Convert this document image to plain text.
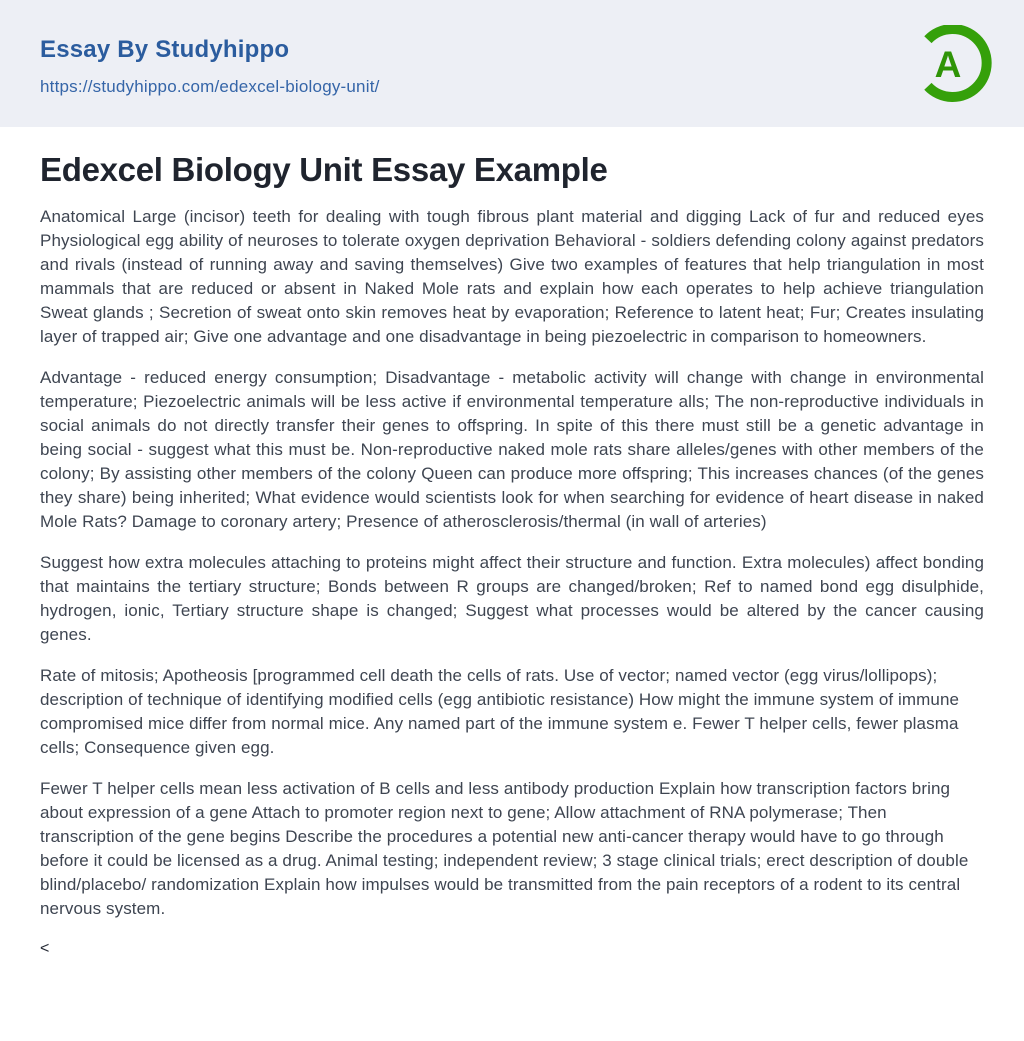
Essay By Studyhippo
https://studyhippo.com/edexcel-biology-unit/
A
Edexcel Biology Unit Essay Example

Anatomical Large (incisor) teeth for dealing with tough fibrous plant material and digging Lack of fur and reduced eyes Physiological egg ability of neuroses to tolerate oxygen deprivation Behavioral - soldiers defending colony against predators and rivals (instead of running away and saving themselves) Give two examples of features that help triangulation in most mammals that are reduced or absent in Naked Mole rats and explain how each operates to help achieve triangulation Sweat glands ; Secretion of sweat onto skin removes heat by evaporation; Reference to latent heat; Fur; Creates insulating layer of trapped air; Give one advantage and one disadvantage in being piezoelectric in comparison to homeowners.

Advantage - reduced energy consumption; Disadvantage - metabolic activity will change with change in environmental temperature; Piezoelectric animals will be less active if environmental temperature alls; The non-reproductive individuals in social animals do not directly transfer their genes to offspring. In spite of this there must still be a genetic advantage in being social - suggest what this must be. Non-reproductive naked mole rats share alleles/genes with other members of the colony; By assisting other members of the colony Queen can produce more offspring; This increases chances (of the genes they share) being inherited; What evidence would scientists look for when searching for evidence of heart disease in naked Mole Rats? Damage to coronary artery; Presence of atherosclerosis/thermal (in wall of arteries)

Suggest how extra molecules attaching to proteins might affect their structure and function. Extra molecules) affect bonding that maintains the tertiary structure; Bonds between R groups are changed/broken; Ref to named bond egg disulphide, hydrogen, ionic, Tertiary structure shape is changed; Suggest what processes would be altered by the cancer causing genes.

Rate of mitosis; Apotheosis [programmed cell death the cells of rats. Use of vector; named vector (egg virus/lollipops); description of technique of identifying modified cells (egg antibiotic resistance) How might the immune system of immune compromised mice differ from normal mice. Any named part of the immune system e. Fewer T helper cells, fewer plasma cells; Consequence given egg.

Fewer T helper cells mean less activation of B cells and less antibody production Explain how transcription factors bring about expression of a gene Attach to promoter region next to gene; Allow attachment of RNA polymerase; Then transcription of the gene begins Describe the procedures a potential new anti-cancer therapy would have to go through before it could be licensed as a drug. Animal testing; independent review; 3 stage clinical trials; erect description of double blind/placebo/ randomization Explain how impulses would be transmitted from the pain receptors of a rodent to its central nervous system.

<
